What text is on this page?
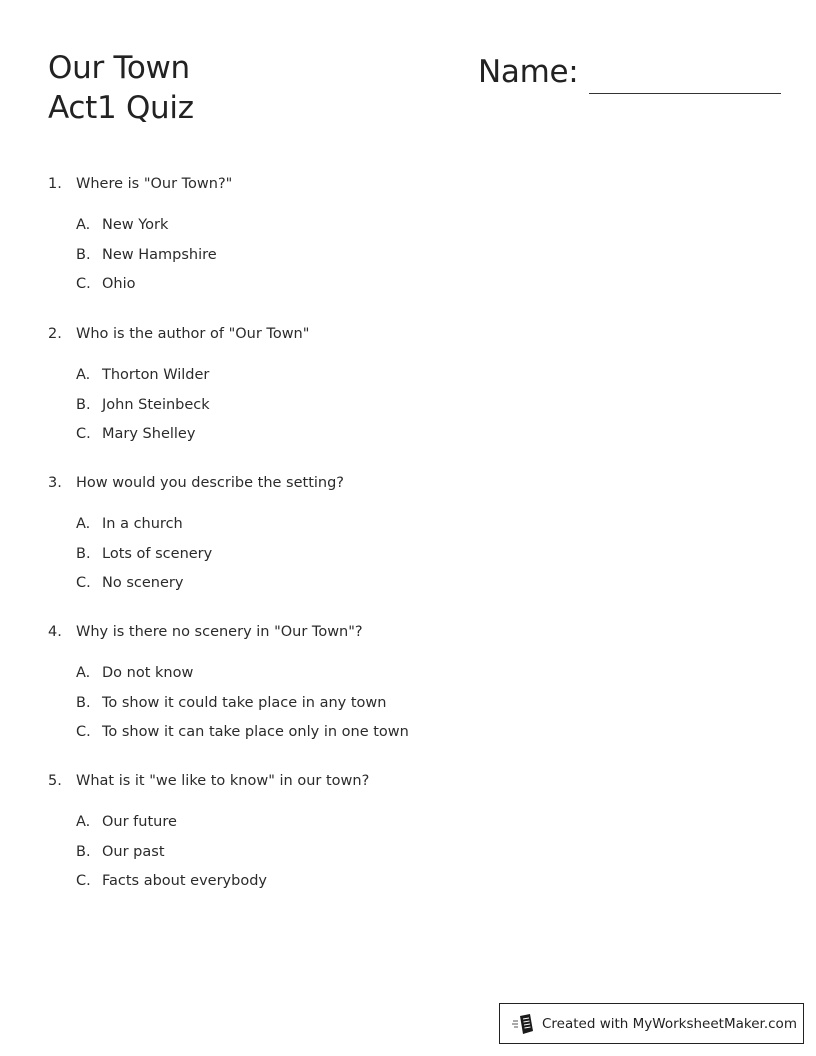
Our Town
Act1 Quiz
Name:
1. Where is "Our Town?"
A. New York
B. New Hampshire
C. Ohio
2. Who is the author of "Our Town"
A. Thorton Wilder
B. John Steinbeck
C. Mary Shelley
3. How would you describe the setting?
A. In a church
B. Lots of scenery
C. No scenery
4. Why is there no scenery in "Our Town"?
A. Do not know
B. To show it could take place in any town
C. To show it can take place only in one town
5. What is it "we like to know" in our town?
A. Our future
B. Our past
C. Facts about everybody
Created with MyWorksheetMaker.com
